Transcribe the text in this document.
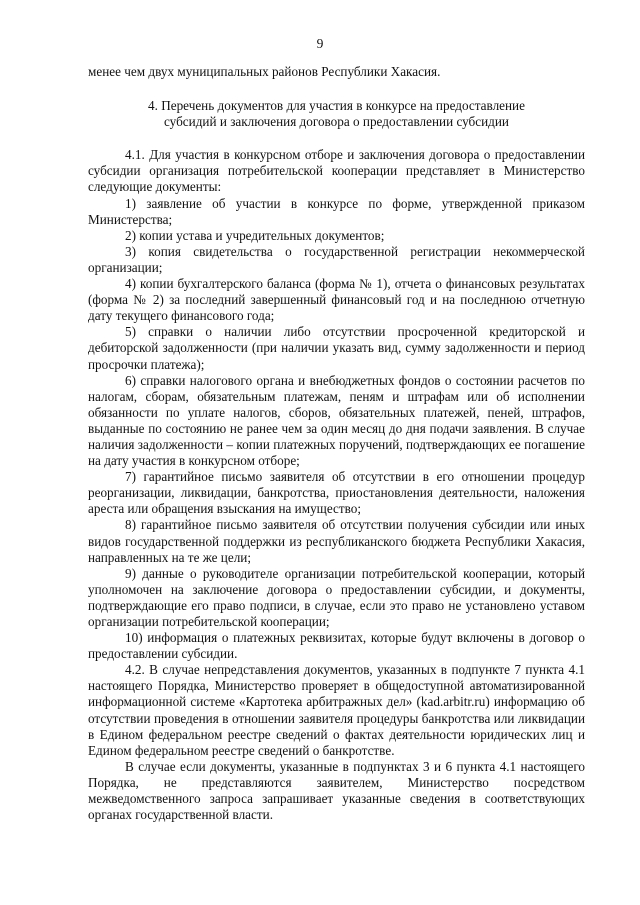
9

менее чем двух муниципальных районов Республики Хакасия.

4. Перечень документов для участия в конкурсе на предоставление
субсидий и заключения договора о предоставлении субсидии

4.1. Для участия в конкурсном отборе и заключения договора о предоставлении субсидии организация потребительской кооперации представляет в Министерство следующие документы:

1) заявление об участии в конкурсе по форме, утвержденной приказом Министерства;

2) копии устава и учредительных документов;

3) копия свидетельства о государственной регистрации некоммерческой организации;

4) копии бухгалтерского баланса (форма № 1), отчета о финансовых результатах (форма № 2) за последний завершенный финансовый год и на последнюю отчетную дату текущего финансового года;

5) справки о наличии либо отсутствии просроченной кредиторской и дебиторской задолженности (при наличии указать вид, сумму задолженности и период просрочки платежа);

6) справки налогового органа и внебюджетных фондов о состоянии расчетов по налогам, сборам, обязательным платежам, пеням и штрафам или об исполнении обязанности по уплате налогов, сборов, обязательных платежей, пеней, штрафов, выданные по состоянию не ранее чем за один месяц до дня подачи заявления. В случае наличия задолженности – копии платежных поручений, подтверждающих ее погашение на дату участия в конкурсном отборе;

7) гарантийное письмо заявителя об отсутствии в его отношении процедур реорганизации, ликвидации, банкротства, приостановления деятельности, наложения ареста или обращения взыскания на имущество;

8) гарантийное письмо заявителя об отсутствии получения субсидии или иных видов государственной поддержки из республиканского бюджета Республики Хакасия, направленных на те же цели;

9) данные о руководителе организации потребительской кооперации, который уполномочен на заключение договора о предоставлении субсидии, и документы, подтверждающие его право подписи, в случае, если это право не установлено уставом организации потребительской кооперации;

10) информация о платежных реквизитах, которые будут включены в договор о предоставлении субсидии.

4.2. В случае непредставления документов, указанных в подпункте 7 пункта 4.1 настоящего Порядка, Министерство проверяет в общедоступной автоматизированной информационной системе «Картотека арбитражных дел» (kad.arbitr.ru) информацию об отсутствии проведения в отношении заявителя процедуры банкротства или ликвидации в Едином федеральном реестре сведений о фактах деятельности юридических лиц и Едином федеральном реестре сведений о банкротстве.

В случае если документы, указанные в подпунктах 3 и 6 пункта 4.1 настоящего Порядка, не представляются заявителем, Министерство посредством межведомственного запроса запрашивает указанные сведения в соответствующих органах государственной власти.
